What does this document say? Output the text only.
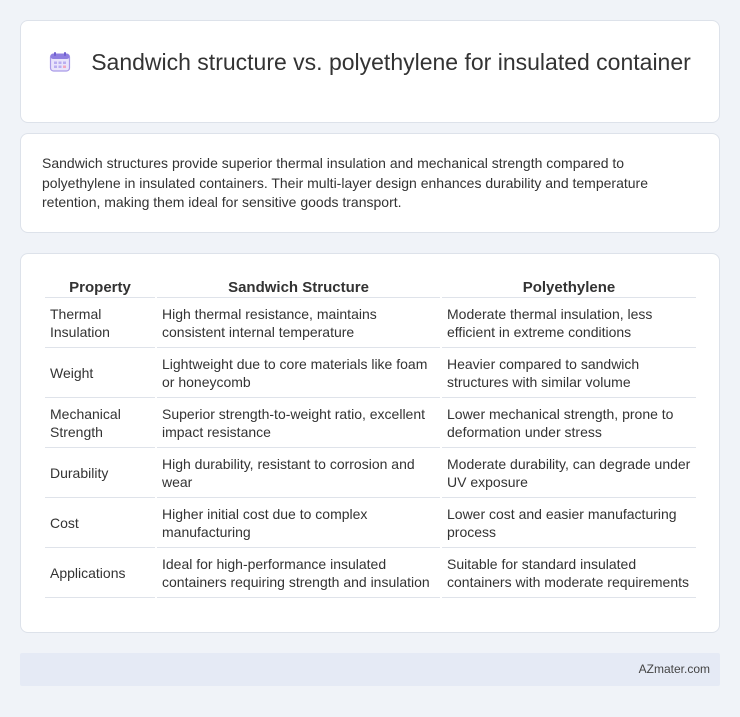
Sandwich structure vs. polyethylene for insulated container

Sandwich structures provide superior thermal insulation and mechanical strength compared to polyethylene in insulated containers. Their multi-layer design enhances durability and temperature retention, making them ideal for sensitive goods transport.

Property	Sandwich Structure	Polyethylene
Thermal Insulation	High thermal resistance, maintains consistent internal temperature	Moderate thermal insulation, less efficient in extreme conditions
Weight	Lightweight due to core materials like foam or honeycomb	Heavier compared to sandwich structures with similar volume
Mechanical Strength	Superior strength-to-weight ratio, excellent impact resistance	Lower mechanical strength, prone to deformation under stress
Durability	High durability, resistant to corrosion and wear	Moderate durability, can degrade under UV exposure
Cost	Higher initial cost due to complex manufacturing	Lower cost and easier manufacturing process
Applications	Ideal for high-performance insulated containers requiring strength and insulation	Suitable for standard insulated containers with moderate requirements
AZmater.com
